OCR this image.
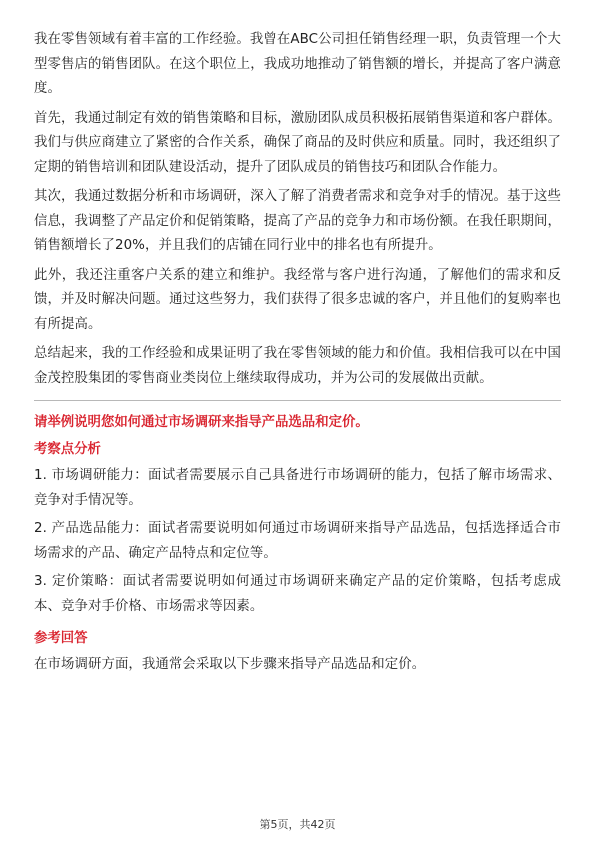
我在零售领域有着丰富的工作经验。我曾在ABC公司担任销售经理一职，负责管理一个大型零售店的销售团队。在这个职位上，我成功地推动了销售额的增长，并提高了客户满意度。

首先，我通过制定有效的销售策略和目标，激励团队成员积极拓展销售渠道和客户群体。我们与供应商建立了紧密的合作关系，确保了商品的及时供应和质量。同时，我还组织了定期的销售培训和团队建设活动，提升了团队成员的销售技巧和团队合作能力。

其次，我通过数据分析和市场调研，深入了解了消费者需求和竞争对手的情况。基于这些信息，我调整了产品定价和促销策略，提高了产品的竞争力和市场份额。在我任职期间，销售额增长了20%，并且我们的店铺在同行业中的排名也有所提升。

此外，我还注重客户关系的建立和维护。我经常与客户进行沟通，了解他们的需求和反馈，并及时解决问题。通过这些努力，我们获得了很多忠诚的客户，并且他们的复购率也有所提高。

总结起来，我的工作经验和成果证明了我在零售领域的能力和价值。我相信我可以在中国金茂控股集团的零售商业类岗位上继续取得成功，并为公司的发展做出贡献。

请举例说明您如何通过市场调研来指导产品选品和定价。

考察点分析

1. 市场调研能力：面试者需要展示自己具备进行市场调研的能力，包括了解市场需求、竞争对手情况等。

2. 产品选品能力：面试者需要说明如何通过市场调研来指导产品选品，包括选择适合市场需求的产品、确定产品特点和定位等。

3. 定价策略：面试者需要说明如何通过市场调研来确定产品的定价策略，包括考虑成本、竞争对手价格、市场需求等因素。

参考回答

在市场调研方面，我通常会采取以下步骤来指导产品选品和定价。

第5页，共42页
